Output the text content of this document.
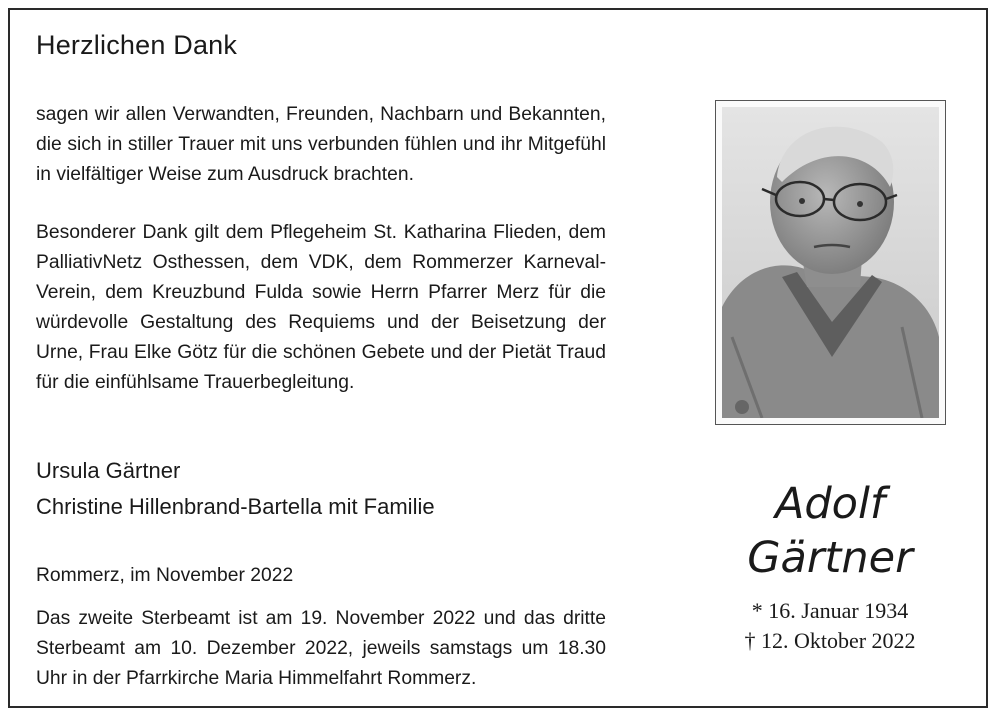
Herzlichen Dank
sagen wir allen Verwandten, Freunden, Nachbarn und Bekannten, die sich in stiller Trauer mit uns verbunden fühlen und ihr Mitgefühl in vielfältiger Weise zum Ausdruck brachten.
Besonderer Dank gilt dem Pflegeheim St. Katharina Flieden, dem PalliativNetz Osthessen, dem VDK, dem Rommerzer Karneval-Verein, dem Kreuzbund Fulda sowie Herrn Pfarrer Merz für die würdevolle Gestaltung des Requiems und der Beisetzung der Urne, Frau Elke Götz für die schönen Gebete und der Pietät Traud für die einfühlsame Trauerbegleitung.
Ursula Gärtner
Christine Hillenbrand-Bartella mit Familie
Rommerz, im November 2022
Das zweite Sterbeamt ist am 19. November 2022 und das dritte Sterbeamt am 10. Dezember 2022, jeweils samstags um 18.30 Uhr in der Pfarrkirche Maria Himmelfahrt Rommerz.
Adolf
Gärtner
* 16. Januar 1934
† 12. Oktober 2022
